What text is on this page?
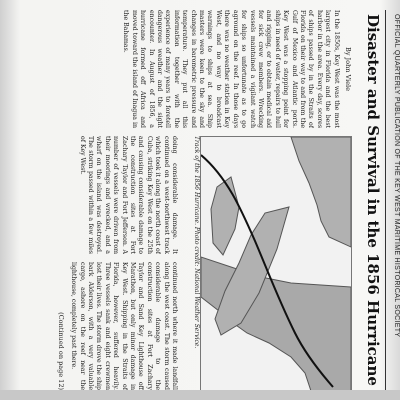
OFFICIAL QUARTERLY PUBLICATION OF THE KEY WEST MARITIME HISTORICAL SOCIETY
Disaster and Survival in the 1856 Hurricane
By John Viele
In the 1850s, Key West was the most largest city in Florida and the best harbor in the area. Every day, scores of ships passed by in the Straits of Florida on their way to and from the Gulf of Mexico and Atlantic ports. Key West was a stopping point for ships in need of water, repairs to hull and rigging, or to obtain medical aid for sick crew members. Wrecking vessels maintained a vigilant watch for ships so unfortunate as to go aground on the reef. In those days there was no weather station in Key West, and no way to broadcast warnings to ships at sea. Ship masters were keen to the sky and changes in barometric pressure and temperature. They put all this information together with the experience of many years to foretell dangerous weather and the sight encounter. In August of 1856, a hurricane formed off Africa and moved toward the island of Inagua in the Bahamas.
Track of the 1856 Hurricane. Photo credit: National Weather Service.
doing considerable damage. It continued on a west-northwest track which took it along the north coast of Cuba, striking Key West on the 25th and causing considerable damage to the construction sites at Fort Zachary Taylor and Fort Jefferson. A number of vessels were driven from their moorings and wrecked, and a wharf on the island was destroyed. The storm passed within a few miles of Key West.
continued north where it made landfall along the west coast. The storm caused considerable damage to the construction sites at Fort Zachary Taylor and Sand Key Lighthouse off Marathon, but only minor damage in Key West. Shipping in the Straits of Florida, however, suffered heavily. Three vessels sank and eight crewmen lost their lives. The storm drove the ship bark Alderson, with a very valuable cargo, ashore on the reef near the lighthouse, completely past there.
(Continued on page 12)
